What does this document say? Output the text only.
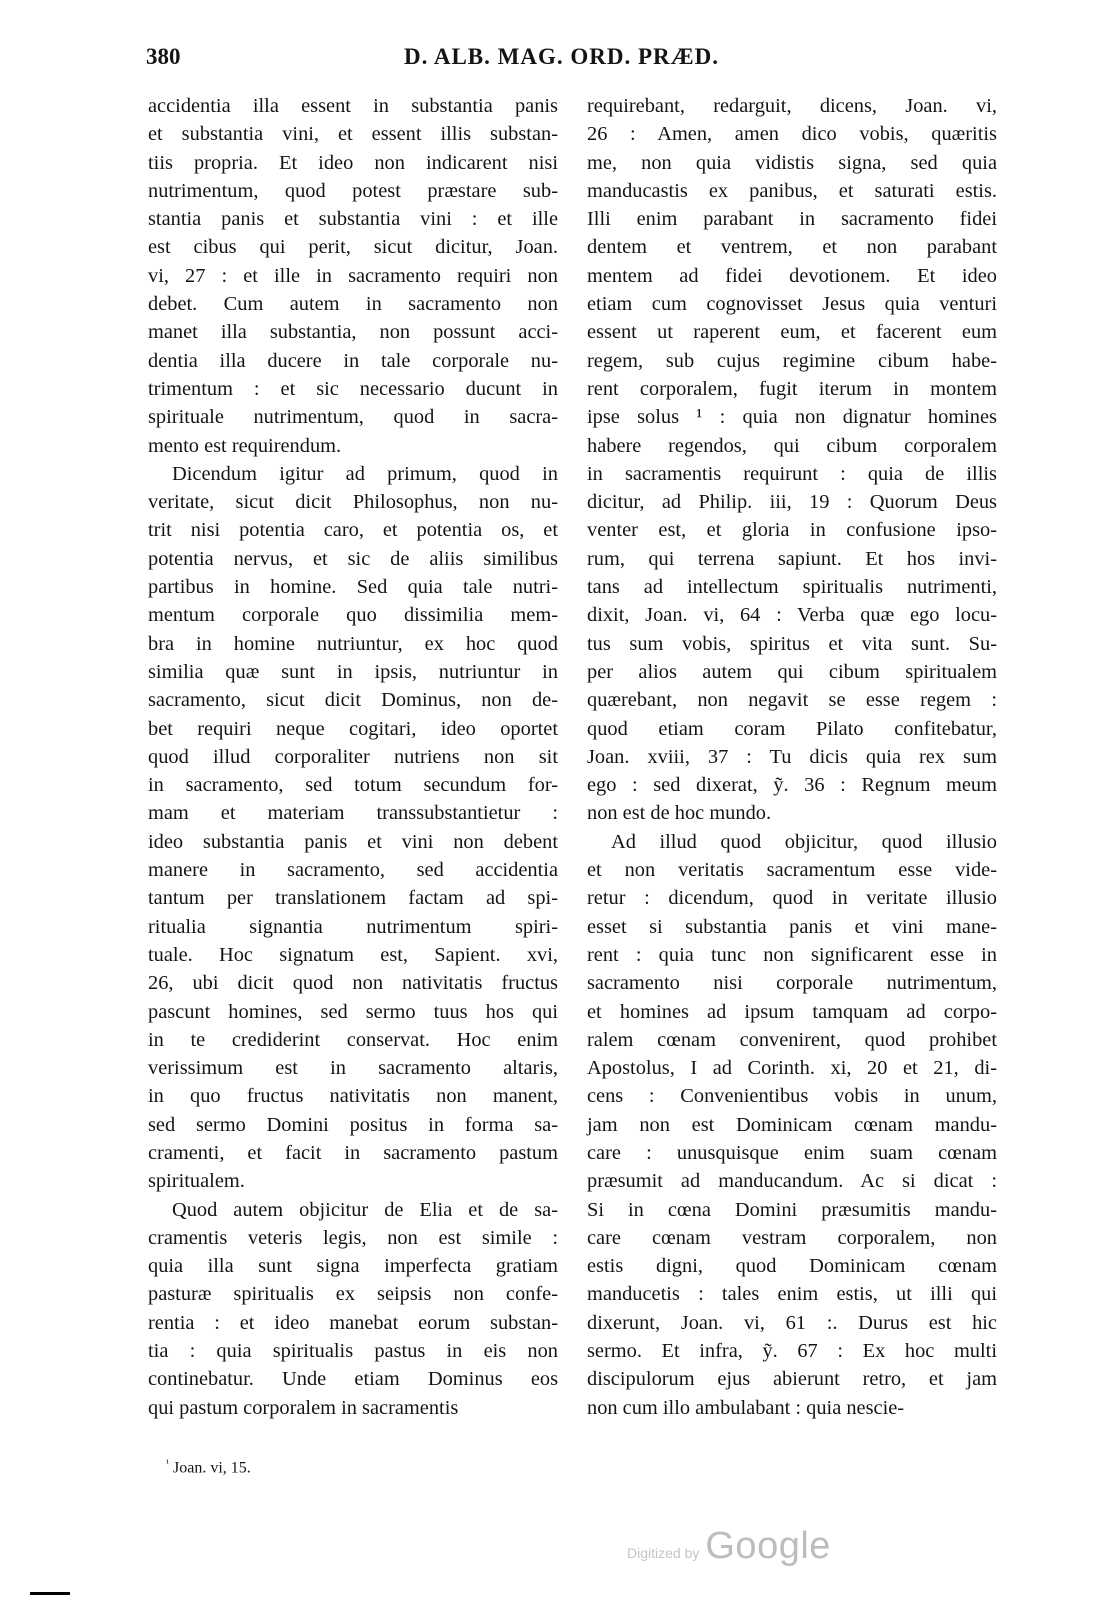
380	D. ALB. MAG. ORD. PRÆD.
accidentia illa essent in substantia panis
et substantia vini, et essent illis substan-
tiis propria. Et ideo non indicarent nisi
nutrimentum, quod potest præstare sub-
stantia panis et substantia vini : et ille
est cibus qui perit, sicut dicitur, Joan.
vi, 27 : et ille in sacramento requiri non
debet. Cum autem in sacramento non
manet illa substantia, non possunt acci-
dentia illa ducere in tale corporale nu-
trimentum : et sic necessario ducunt in
spirituale nutrimentum, quod in sacra-
mento est requirendum.
Dicendum igitur ad primum, quod in
veritate, sicut dicit Philosophus, non nu-
trit nisi potentia caro, et potentia os, et
potentia nervus, et sic de aliis similibus
partibus in homine. Sed quia tale nutri-
mentum corporale quo dissimilia mem-
bra in homine nutriuntur, ex hoc quod
similia quæ sunt in ipsis, nutriuntur in
sacramento, sicut dicit Dominus, non de-
bet requiri neque cogitari, ideo oportet
quod illud corporaliter nutriens non sit
in sacramento, sed totum secundum for-
mam et materiam transsubstantietur :
ideo substantia panis et vini non debent
manere in sacramento, sed accidentia
tantum per translationem factam ad spi-
ritualia signantia nutrimentum spiri-
tuale. Hoc signatum est, Sapient. xvi,
26, ubi dicit quod non nativitatis fructus
pascunt homines, sed sermo tuus hos qui
in te crediderint conservat. Hoc enim
verissimum est in sacramento altaris,
in quo fructus nativitatis non manent,
sed sermo Domini positus in forma sa-
cramenti, et facit in sacramento pastum
spiritualem.
Quod autem objicitur de Elia et de sa-
cramentis veteris legis, non est simile :
quia illa sunt signa imperfecta gratiam
pasturæ spiritualis ex seipsis non confe-
rentia : et ideo manebat eorum substan-
tia : quia spiritualis pastus in eis non
continebatur. Unde etiam Dominus eos
qui pastum corporalem in sacramentis
requirebant, redarguit, dicens, Joan. vi,
26 : Amen, amen dico vobis, quæritis
me, non quia vidistis signa, sed quia
manducastis ex panibus, et saturati estis.
Illi enim parabant in sacramento fidei
dentem et ventrem, et non parabant
mentem ad fidei devotionem. Et ideo
etiam cum cognovisset Jesus quia venturi
essent ut raperent eum, et facerent eum
regem, sub cujus regimine cibum habe-
rent corporalem, fugit iterum in montem
ipse solus ¹ : quia non dignatur homines
habere regendos, qui cibum corporalem
in sacramentis requirunt : quia de illis
dicitur, ad Philip. iii, 19 : Quorum Deus
venter est, et gloria in confusione ipso-
rum, qui terrena sapiunt. Et hos invi-
tans ad intellectum spiritualis nutrimenti,
dixit, Joan. vi, 64 : Verba quæ ego locu-
tus sum vobis, spiritus et vita sunt. Su-
per alios autem qui cibum spiritualem
quærebant, non negavit se esse regem :
quod etiam coram Pilato confitebatur,
Joan. xviii, 37 : Tu dicis quia rex sum
ego : sed dixerat, ỹ. 36 : Regnum meum
non est de hoc mundo.
Ad illud quod objicitur, quod illusio
et non veritatis sacramentum esse vide-
retur : dicendum, quod in veritate illusio
esset si substantia panis et vini mane-
rent : quia tunc non significarent esse in
sacramento nisi corporale nutrimentum,
et homines ad ipsum tamquam ad corpo-
ralem cœnam convenirent, quod prohibet
Apostolus, I ad Corinth. xi, 20 et 21, di-
cens : Convenientibus vobis in unum,
jam non est Dominicam cœnam mandu-
care : unusquisque enim suam cœnam
præsumit ad manducandum. Ac si dicat :
Si in cœna Domini præsumitis mandu-
care cœnam vestram corporalem, non
estis digni, quod Dominicam cœnam
manducetis : tales enim estis, ut illi qui
dixerunt, Joan. vi, 61 :. Durus est hic
sermo. Et infra, ỹ. 67 : Ex hoc multi
discipulorum ejus abierunt retro, et jam
non cum illo ambulabant : quia nescie-
$^{^1}$ Joan. vi, 15.
Digitized by Google
